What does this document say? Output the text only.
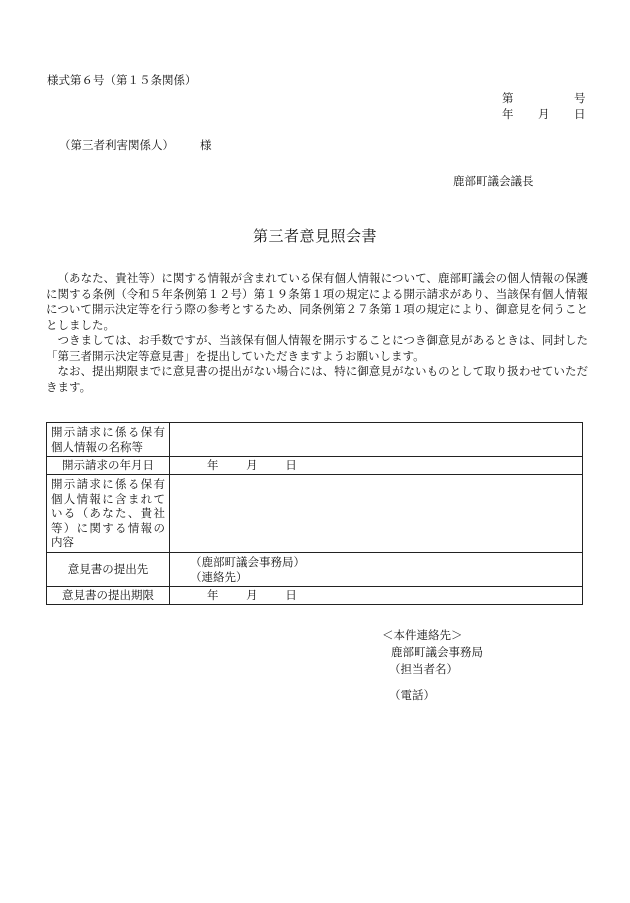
様式第６号（第１５条関係）
第	号
年 月 日
（第三者利害関係人） 様
鹿部町議会議長
第三者意見照会書

（あなた、貴社等）に関する情報が含まれている保有個人情報について、鹿部町議会の個人情報の保護に関する条例（令和５年条例第１２号）第１９条第１項の規定による開示請求があり、当該保有個人情報について開示決定等を行う際の参考とするため、同条例第２７条第１項の規定により、御意見を伺うこととしました。

つきましては、お手数ですが、当該保有個人情報を開示することにつき御意見があるときは、同封した「第三者開示決定等意見書」を提出していただきますようお願いします。

なお、提出期限までに意見書の提出がない場合には、特に御意見がないものとして取り扱わせていただきます。

開示請求に係る保有個人情報の名称等	
開示請求の年月日	年 月 日
開示請求に係る保有個人情報に含まれている（あなた、貴社等）に関する情報の内容	
意見書の提出先	（鹿部町議会事務局）
（連絡先）

意見書の提出期限	年 月 日
＜本件連絡先＞
鹿部町議会事務局
（担当者名）
（電話）
